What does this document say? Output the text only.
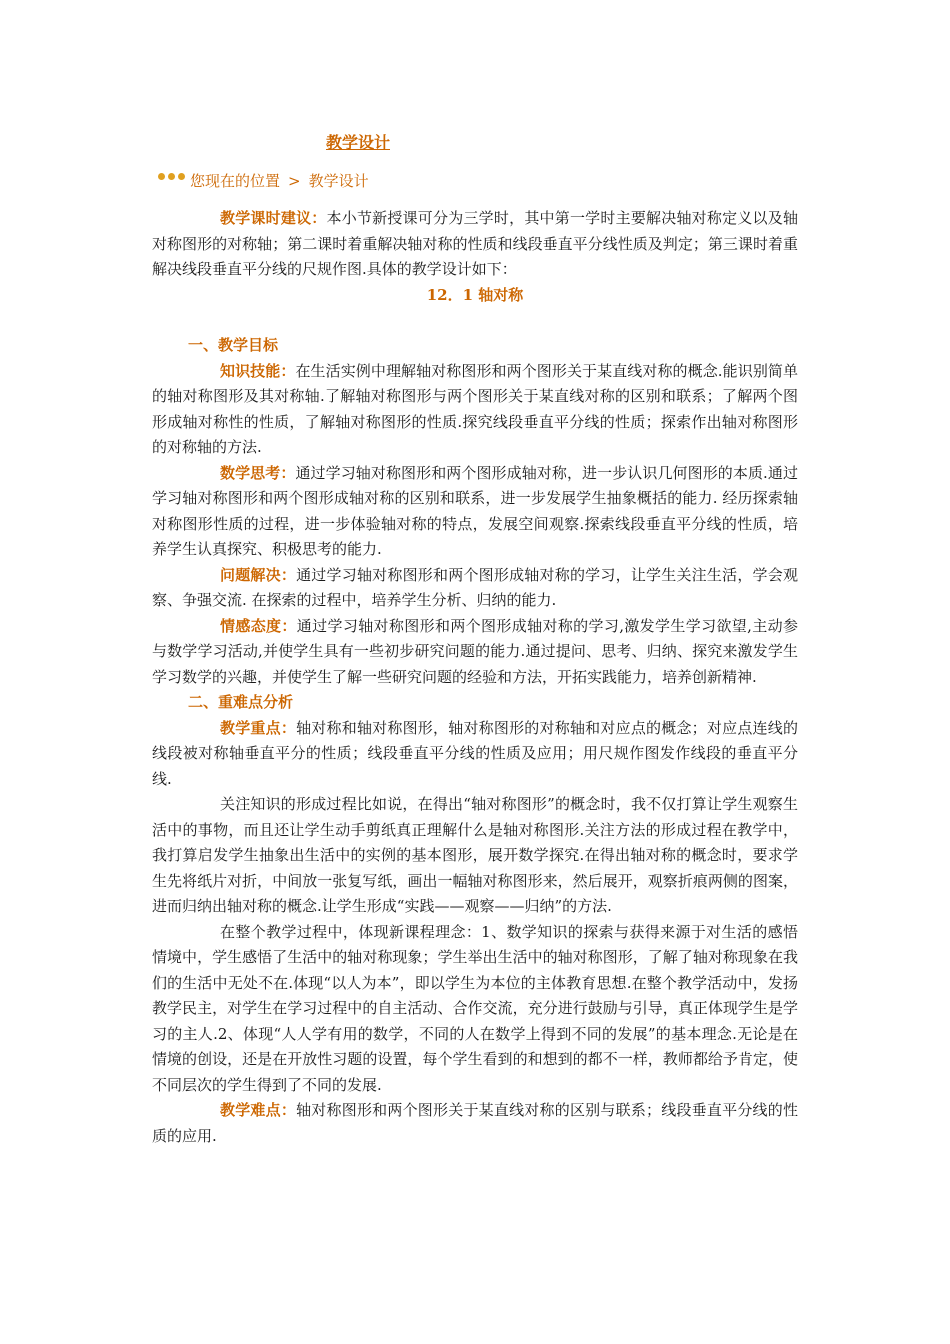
教学设计
您现在的位置 > 教学设计

教学课时建议：本小节新授课可分为三学时，其中第一学时主要解决轴对称定义以及轴对称图形的对称轴；第二课时着重解决轴对称的性质和线段垂直平分线性质及判定；第三课时着重解决线段垂直平分线的尺规作图.具体的教学设计如下：

12．1 轴对称

一、教学目标

知识技能：在生活实例中理解轴对称图形和两个图形关于某直线对称的概念.能识别简单的轴对称图形及其对称轴.了解轴对称图形与两个图形关于某直线对称的区别和联系；了解两个图形成轴对称性的性质，了解轴对称图形的性质.探究线段垂直平分线的性质；探索作出轴对称图形的对称轴的方法.

数学思考：通过学习轴对称图形和两个图形成轴对称，进一步认识几何图形的本质.通过学习轴对称图形和两个图形成轴对称的区别和联系，进一步发展学生抽象概括的能力. 经历探索轴对称图形性质的过程，进一步体验轴对称的特点，发展空间观察.探索线段垂直平分线的性质，培养学生认真探究、积极思考的能力.

问题解决：通过学习轴对称图形和两个图形成轴对称的学习，让学生关注生活，学会观察、争强交流. 在探索的过程中，培养学生分析、归纳的能力.

情感态度：通过学习轴对称图形和两个图形成轴对称的学习,激发学生学习欲望,主动参与数学学习活动,并使学生具有一些初步研究问题的能力.通过提问、思考、归纳、探究来激发学生学习数学的兴趣，并使学生了解一些研究问题的经验和方法，开拓实践能力，培养创新精神.

二、重难点分析

教学重点：轴对称和轴对称图形，轴对称图形的对称轴和对应点的概念；对应点连线的线段被对称轴垂直平分的性质；线段垂直平分线的性质及应用；用尺规作图发作线段的垂直平分线.

关注知识的形成过程比如说，在得出“轴对称图形”的概念时，我不仅打算让学生观察生活中的事物，而且还让学生动手剪纸真正理解什么是轴对称图形.关注方法的形成过程在教学中，我打算启发学生抽象出生活中的实例的基本图形，展开数学探究.在得出轴对称的概念时，要求学生先将纸片对折，中间放一张复写纸，画出一幅轴对称图形来，然后展开，观察折痕两侧的图案，进而归纳出轴对称的概念.让学生形成“实践——观察——归纳”的方法.

在整个教学过程中，体现新课程理念：1、数学知识的探索与获得来源于对生活的感悟情境中，学生感悟了生活中的轴对称现象；学生举出生活中的轴对称图形，了解了轴对称现象在我们的生活中无处不在.体现“以人为本”，即以学生为本位的主体教育思想.在整个教学活动中，发扬教学民主，对学生在学习过程中的自主活动、合作交流，充分进行鼓励与引导，真正体现学生是学习的主人.2、体现“人人学有用的数学，不同的人在数学上得到不同的发展”的基本理念.无论是在情境的创设，还是在开放性习题的设置，每个学生看到的和想到的都不一样，教师都给予肯定，使不同层次的学生得到了不同的发展.

教学难点：轴对称图形和两个图形关于某直线对称的区别与联系；线段垂直平分线的性质的应用.
